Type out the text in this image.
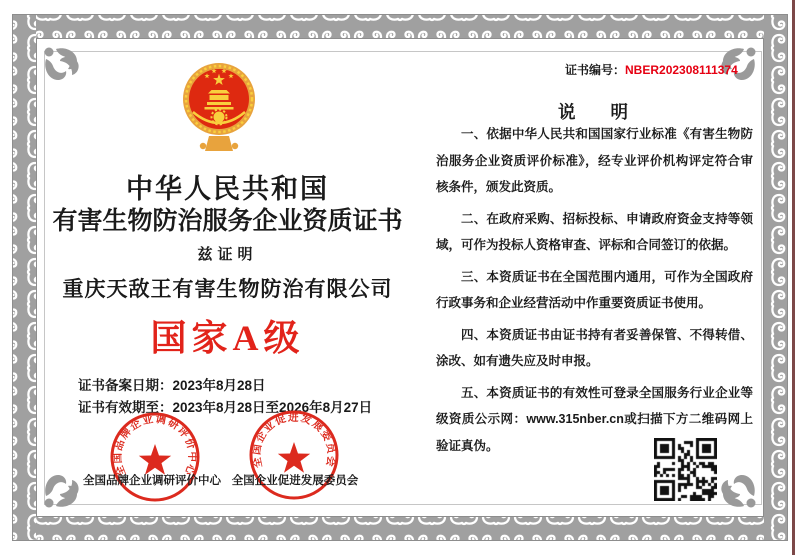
证书编号：NBER202308111374
中华人民共和国
有害生物防治服务企业资质证书
兹证明
重庆天敌王有害生物防治有限公司
国家A级
证书备案日期：2023年8月28日
证书有效期至：2023年8月28日至2026年8月27日
全国品牌企业调研评价中心
全国企业促进发展委员会
全国品牌企业调研评价中心 全国企业促进发展委员会
说　　明

一、依据中华人民共和国国家行业标准《有害生物防治服务企业资质评价标准》，经专业评价机构评定符合审核条件，颁发此资质。

二、在政府采购、招标投标、申请政府资金支持等领域，可作为投标人资格审查、评标和合同签订的依据。

三、本资质证书在全国范围内通用，可作为全国政府行政事务和企业经营活动中作重要资质证书使用。

四、本资质证书由证书持有者妥善保管、不得转借、涂改、如有遗失应及时申报。

五、本资质证书的有效性可登录全国服务行业企业等级资质公示网：www.315nber.cn或扫描下方二维码网上验证真伪。
